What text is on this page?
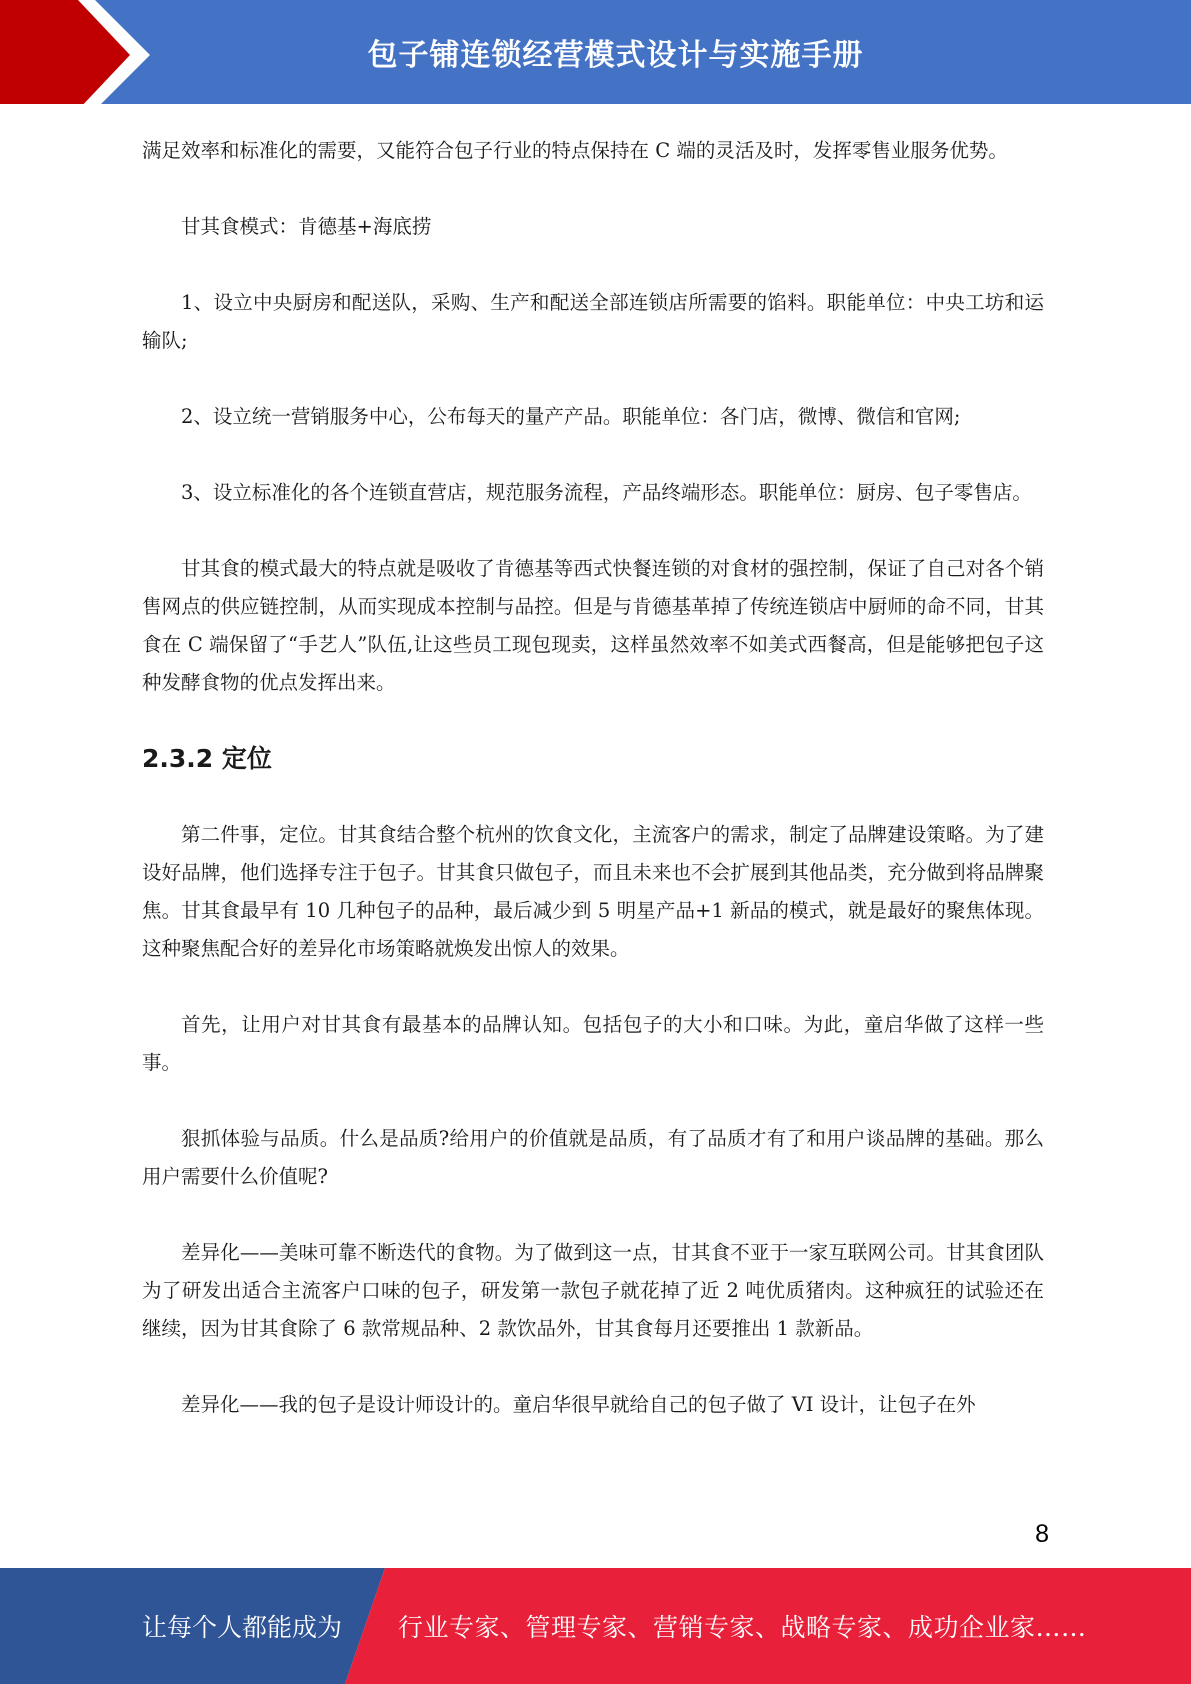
包子铺连锁经营模式设计与实施手册

满足效率和标准化的需要，又能符合包子行业的特点保持在 C 端的灵活及时，发挥零售业服务优势。

甘其食模式：肯德基+海底捞

1、设立中央厨房和配送队，采购、生产和配送全部连锁店所需要的馅料。职能单位：中央工坊和运输队;

2、设立统一营销服务中心，公布每天的量产产品。职能单位：各门店，微博、微信和官网;

3、设立标准化的各个连锁直营店，规范服务流程，产品终端形态。职能单位：厨房、包子零售店。

甘其食的模式最大的特点就是吸收了肯德基等西式快餐连锁的对食材的强控制，保证了自己对各个销售网点的供应链控制，从而实现成本控制与品控。但是与肯德基革掉了传统连锁店中厨师的命不同，甘其食在 C 端保留了“手艺人”队伍,让这些员工现包现卖，这样虽然效率不如美式西餐高，但是能够把包子这种发酵食物的优点发挥出来。

2.3.2 定位

第二件事，定位。甘其食结合整个杭州的饮食文化，主流客户的需求，制定了品牌建设策略。为了建设好品牌，他们选择专注于包子。甘其食只做包子，而且未来也不会扩展到其他品类，充分做到将品牌聚焦。甘其食最早有 10 几种包子的品种，最后减少到 5 明星产品+1 新品的模式，就是最好的聚焦体现。这种聚焦配合好的差异化市场策略就焕发出惊人的效果。

首先，让用户对甘其食有最基本的品牌认知。包括包子的大小和口味。为此，童启华做了这样一些事。

狠抓体验与品质。什么是品质?给用户的价值就是品质，有了品质才有了和用户谈品牌的基础。那么用户需要什么价值呢?

差异化——美味可靠不断迭代的食物。为了做到这一点，甘其食不亚于一家互联网公司。甘其食团队为了研发出适合主流客户口味的包子，研发第一款包子就花掉了近 2 吨优质猪肉。这种疯狂的试验还在继续，因为甘其食除了 6 款常规品种、2 款饮品外，甘其食每月还要推出 1 款新品。

差异化——我的包子是设计师设计的。童启华很早就给自己的包子做了 VI 设计，让包子在外

8
让每个人都能成为 行业专家、管理专家、营销专家、战略专家、成功企业家……
